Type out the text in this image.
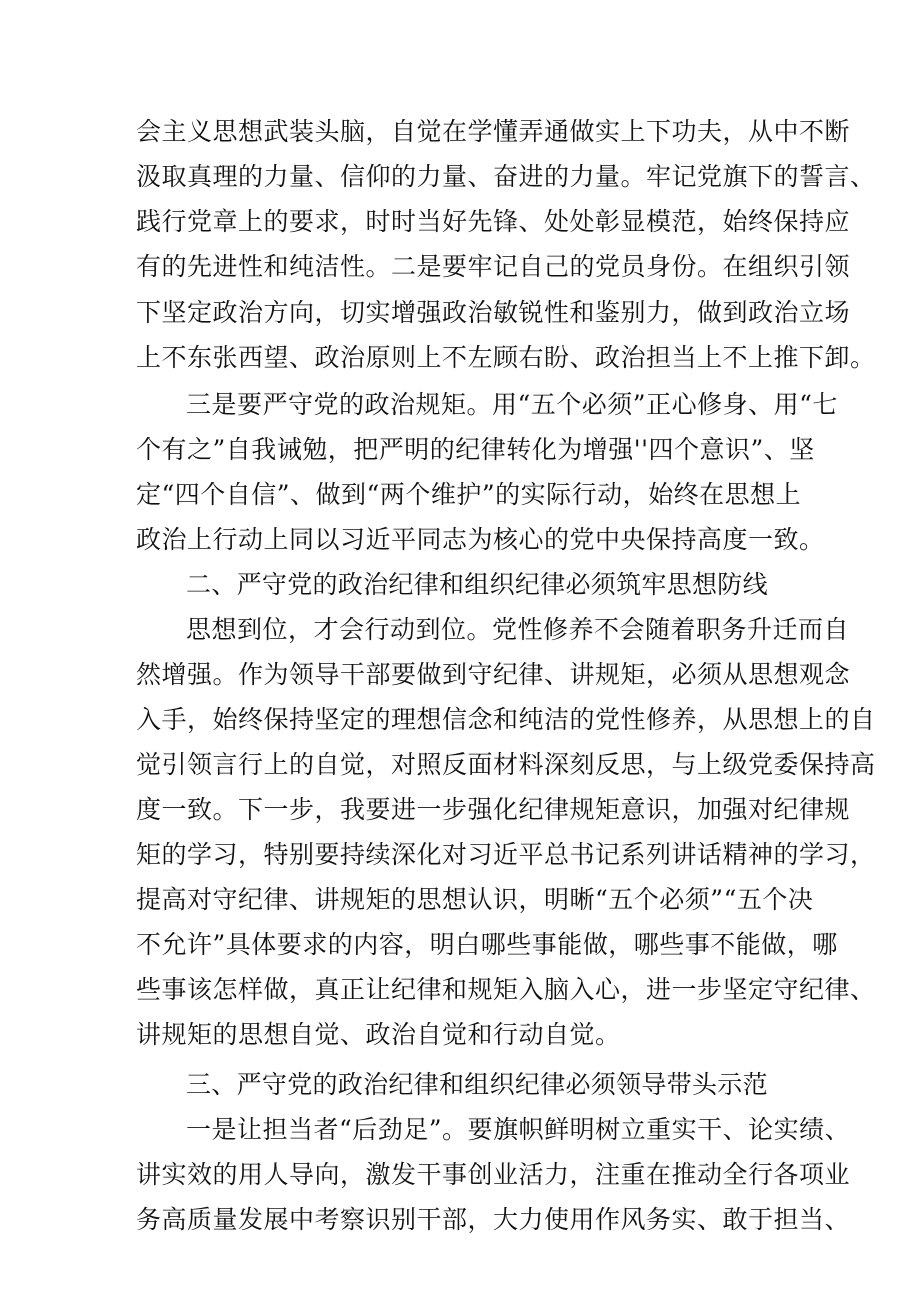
会主义思想武装头脑，自觉在学懂弄通做实上下功夫，从中不断
汲取真理的力量、信仰的力量、奋进的力量。牢记党旗下的誓言、
践行党章上的要求，时时当好先锋、处处彰显模范，始终保持应
有的先进性和纯洁性。二是要牢记自己的党员身份。在组织引领
下坚定政治方向，切实增强政治敏锐性和鉴别力，做到政治立场
上不东张西望、政治原则上不左顾右盼、政治担当上不上推下卸。
三是要严守党的政治规矩。用“五个必须”正心修身、用“七
个有之”自我诫勉，把严明的纪律转化为增强''四个意识”、坚
定“四个自信”、做到“两个维护”的实际行动，始终在思想上
政治上行动上同以习近平同志为核心的党中央保持高度一致。
二、严守党的政治纪律和组织纪律必须筑牢思想防线
思想到位，才会行动到位。党性修养不会随着职务升迁而自
然增强。作为领导干部要做到守纪律、讲规矩，必须从思想观念
入手，始终保持坚定的理想信念和纯洁的党性修养，从思想上的自
觉引领言行上的自觉，对照反面材料深刻反思，与上级党委保持高
度一致。下一步，我要进一步强化纪律规矩意识，加强对纪律规
矩的学习，特别要持续深化对习近平总书记系列讲话精神的学习，
提高对守纪律、讲规矩的思想认识，明晰“五个必须”“五个决
不允许”具体要求的内容，明白哪些事能做，哪些事不能做，哪
些事该怎样做，真正让纪律和规矩入脑入心，进一步坚定守纪律、
讲规矩的思想自觉、政治自觉和行动自觉。
三、严守党的政治纪律和组织纪律必须领导带头示范
一是让担当者“后劲足”。要旗帜鲜明树立重实干、论实绩、
讲实效的用人导向，激发干事创业活力，注重在推动全行各项业
务高质量发展中考察识别干部，大力使用作风务实、敢于担当、
